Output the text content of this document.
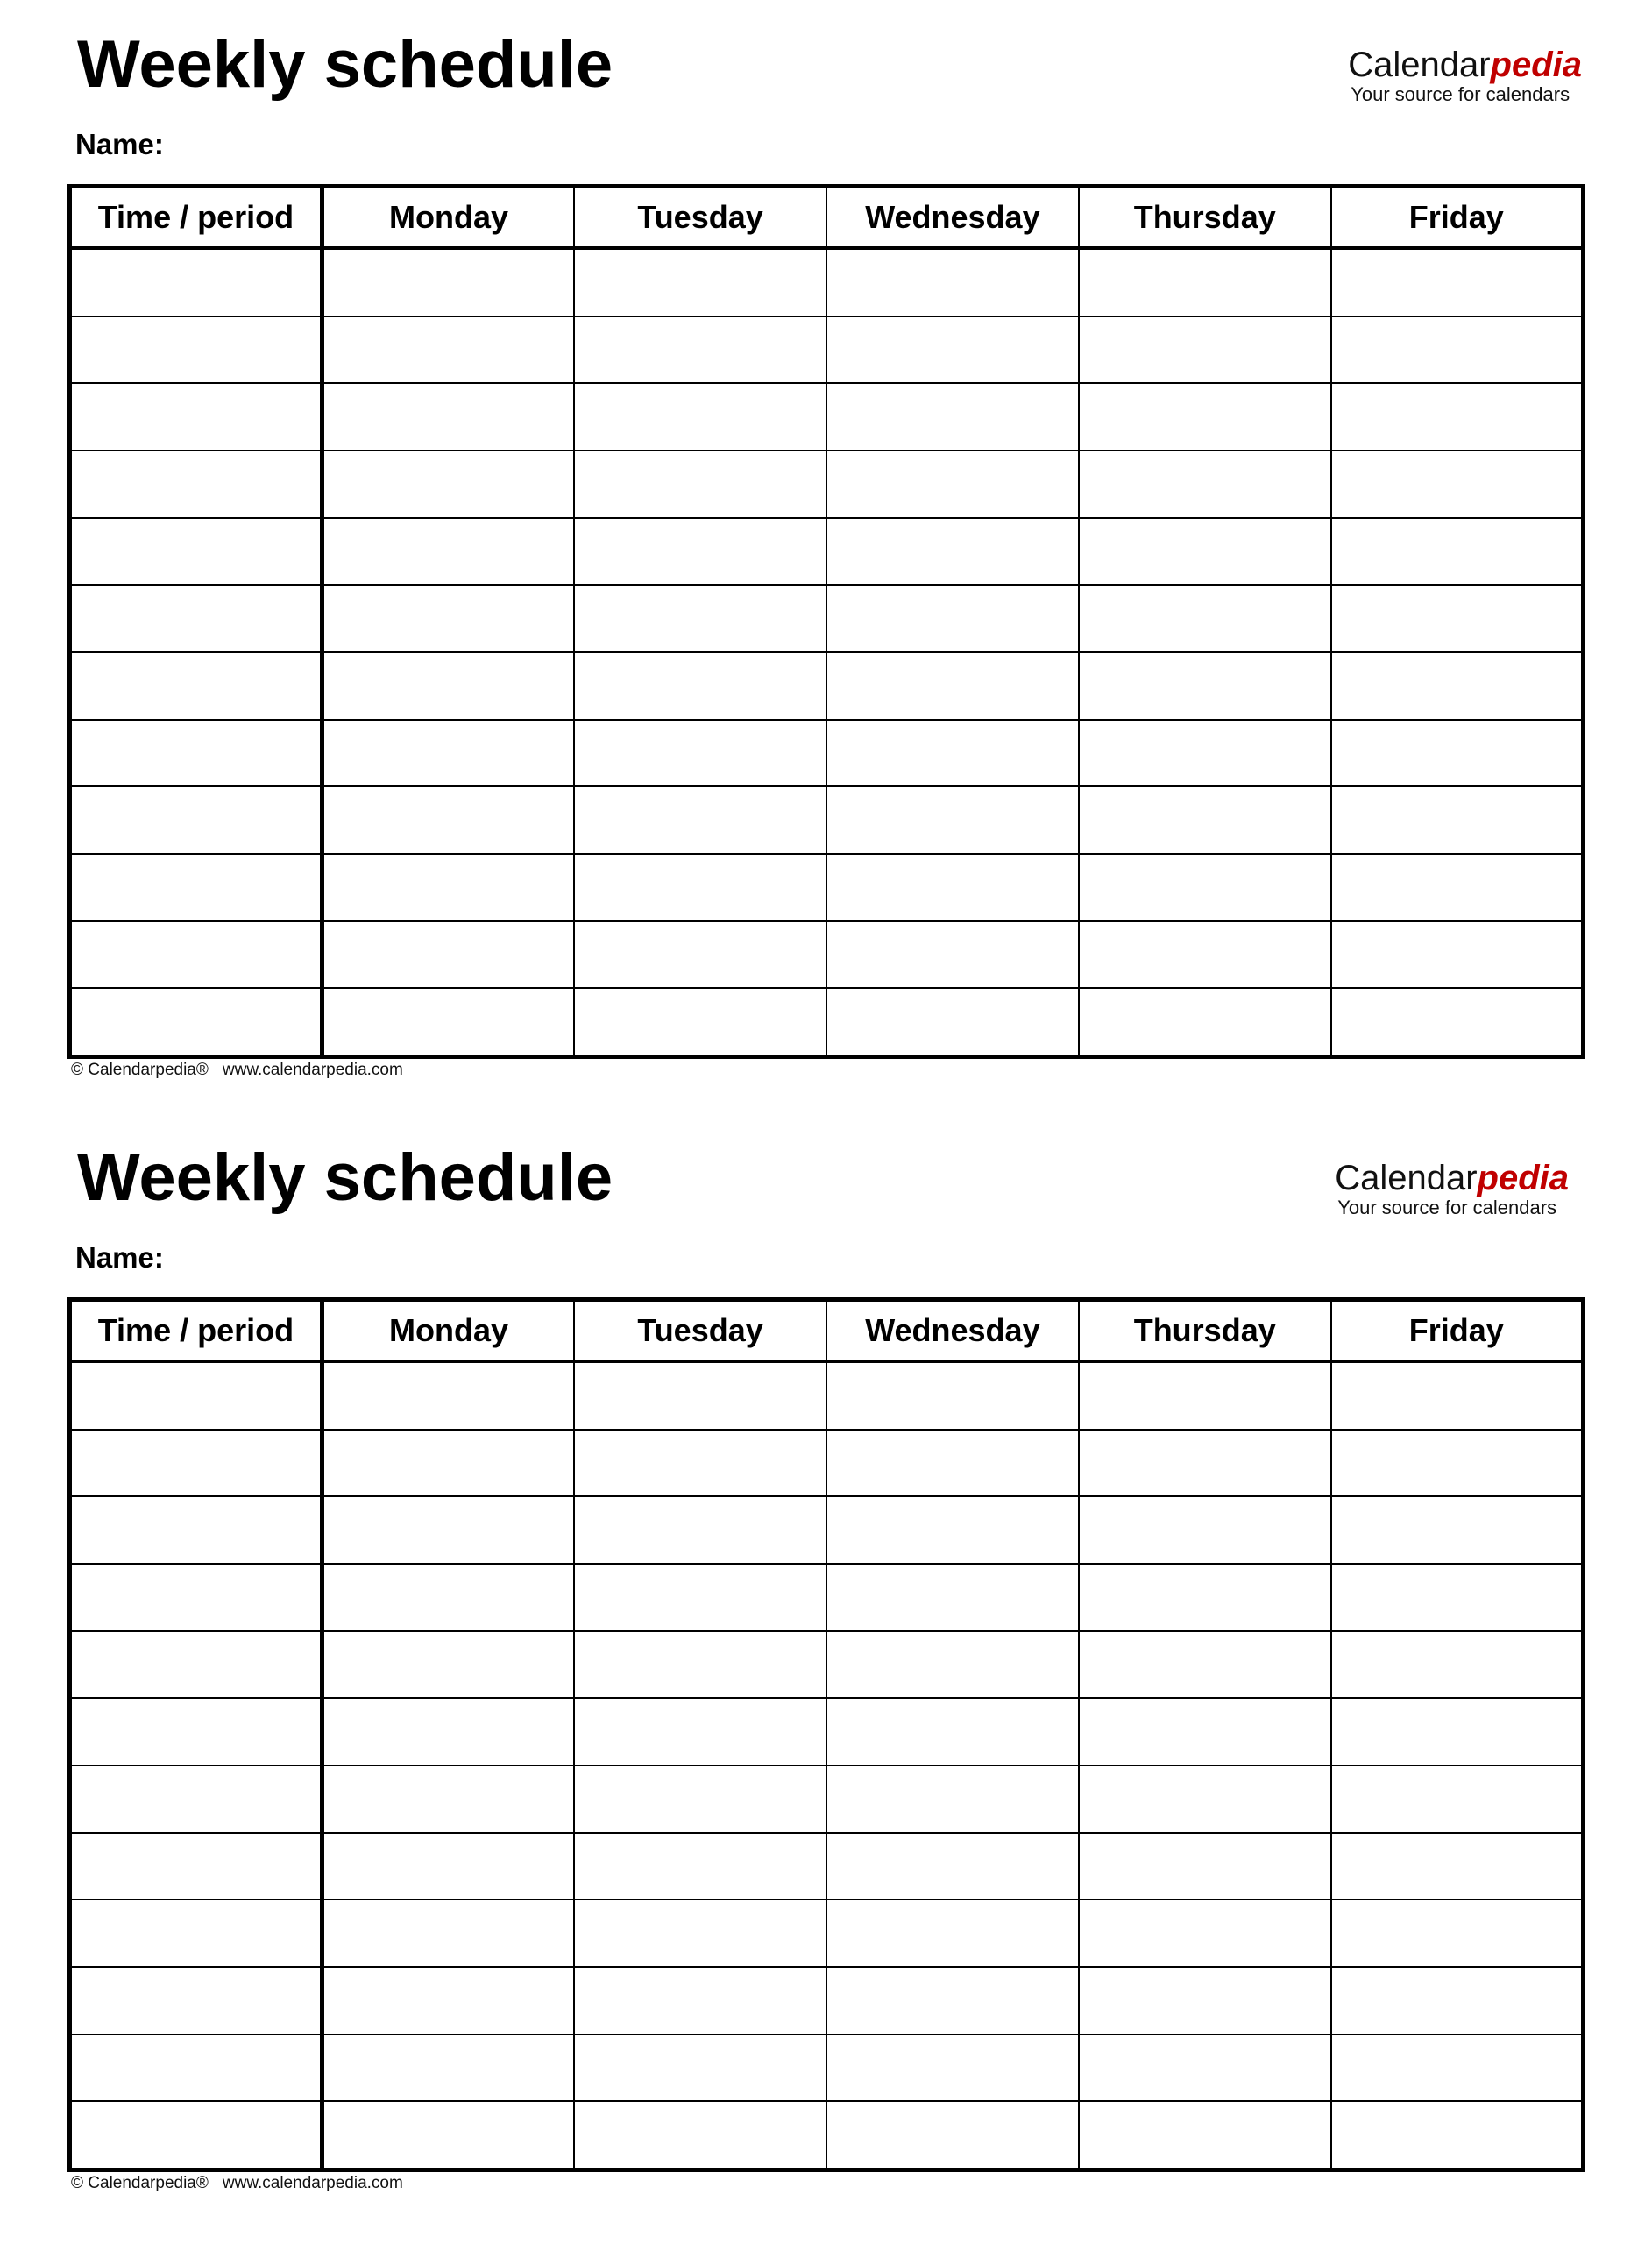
Weekly schedule
Name:
Calendarpedia
Your source for calendars
Time / period	Monday	Tuesday	Wednesday	Thursday	Friday

© Calendarpedia® www.calendarpedia.com
Weekly schedule
Name:
Calendarpedia
Your source for calendars
Time / period	Monday	Tuesday	Wednesday	Thursday	Friday

© Calendarpedia® www.calendarpedia.com
